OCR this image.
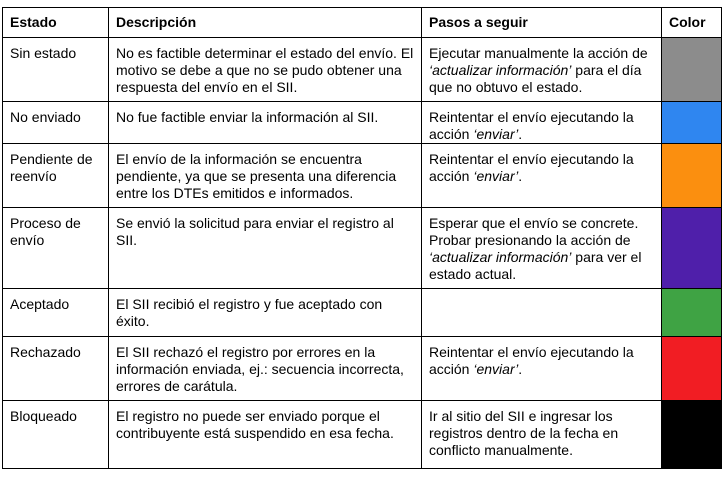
Estado	Descripción	Pasos a seguir	Color
Sin estado	No es factible determinar el estado del envío. El motivo se debe a que no se pudo obtener una respuesta del envío en el SII.	Ejecutar manualmente la acción de ‘actualizar información’ para el día que no obtuvo el estado.	

No enviado	No fue factible enviar la información al SII.	Reintentar el envío ejecutando la acción ‘enviar’.	

Pendiente de reenvío	El envío de la información se encuentra pendiente, ya que se presenta una diferencia entre los DTEs emitidos e informados.	Reintentar el envío ejecutando la acción ‘enviar’.	

Proceso de envío	Se envió la solicitud para enviar el registro al SII.	Esperar que el envío se concrete. Probar presionando la acción de ‘actualizar información’ para ver el estado actual.	

Aceptado	El SII recibió el registro y fue aceptado con éxito.		

Rechazado	El SII rechazó el registro por errores en la información enviada, ej.: secuencia incorrecta, errores de carátula.	Reintentar el envío ejecutando la acción ‘enviar’.	

Bloqueado	El registro no puede ser enviado porque el contribuyente está suspendido en esa fecha.	Ir al sitio del SII e ingresar los registros dentro de la fecha en conflicto manualmente.	
